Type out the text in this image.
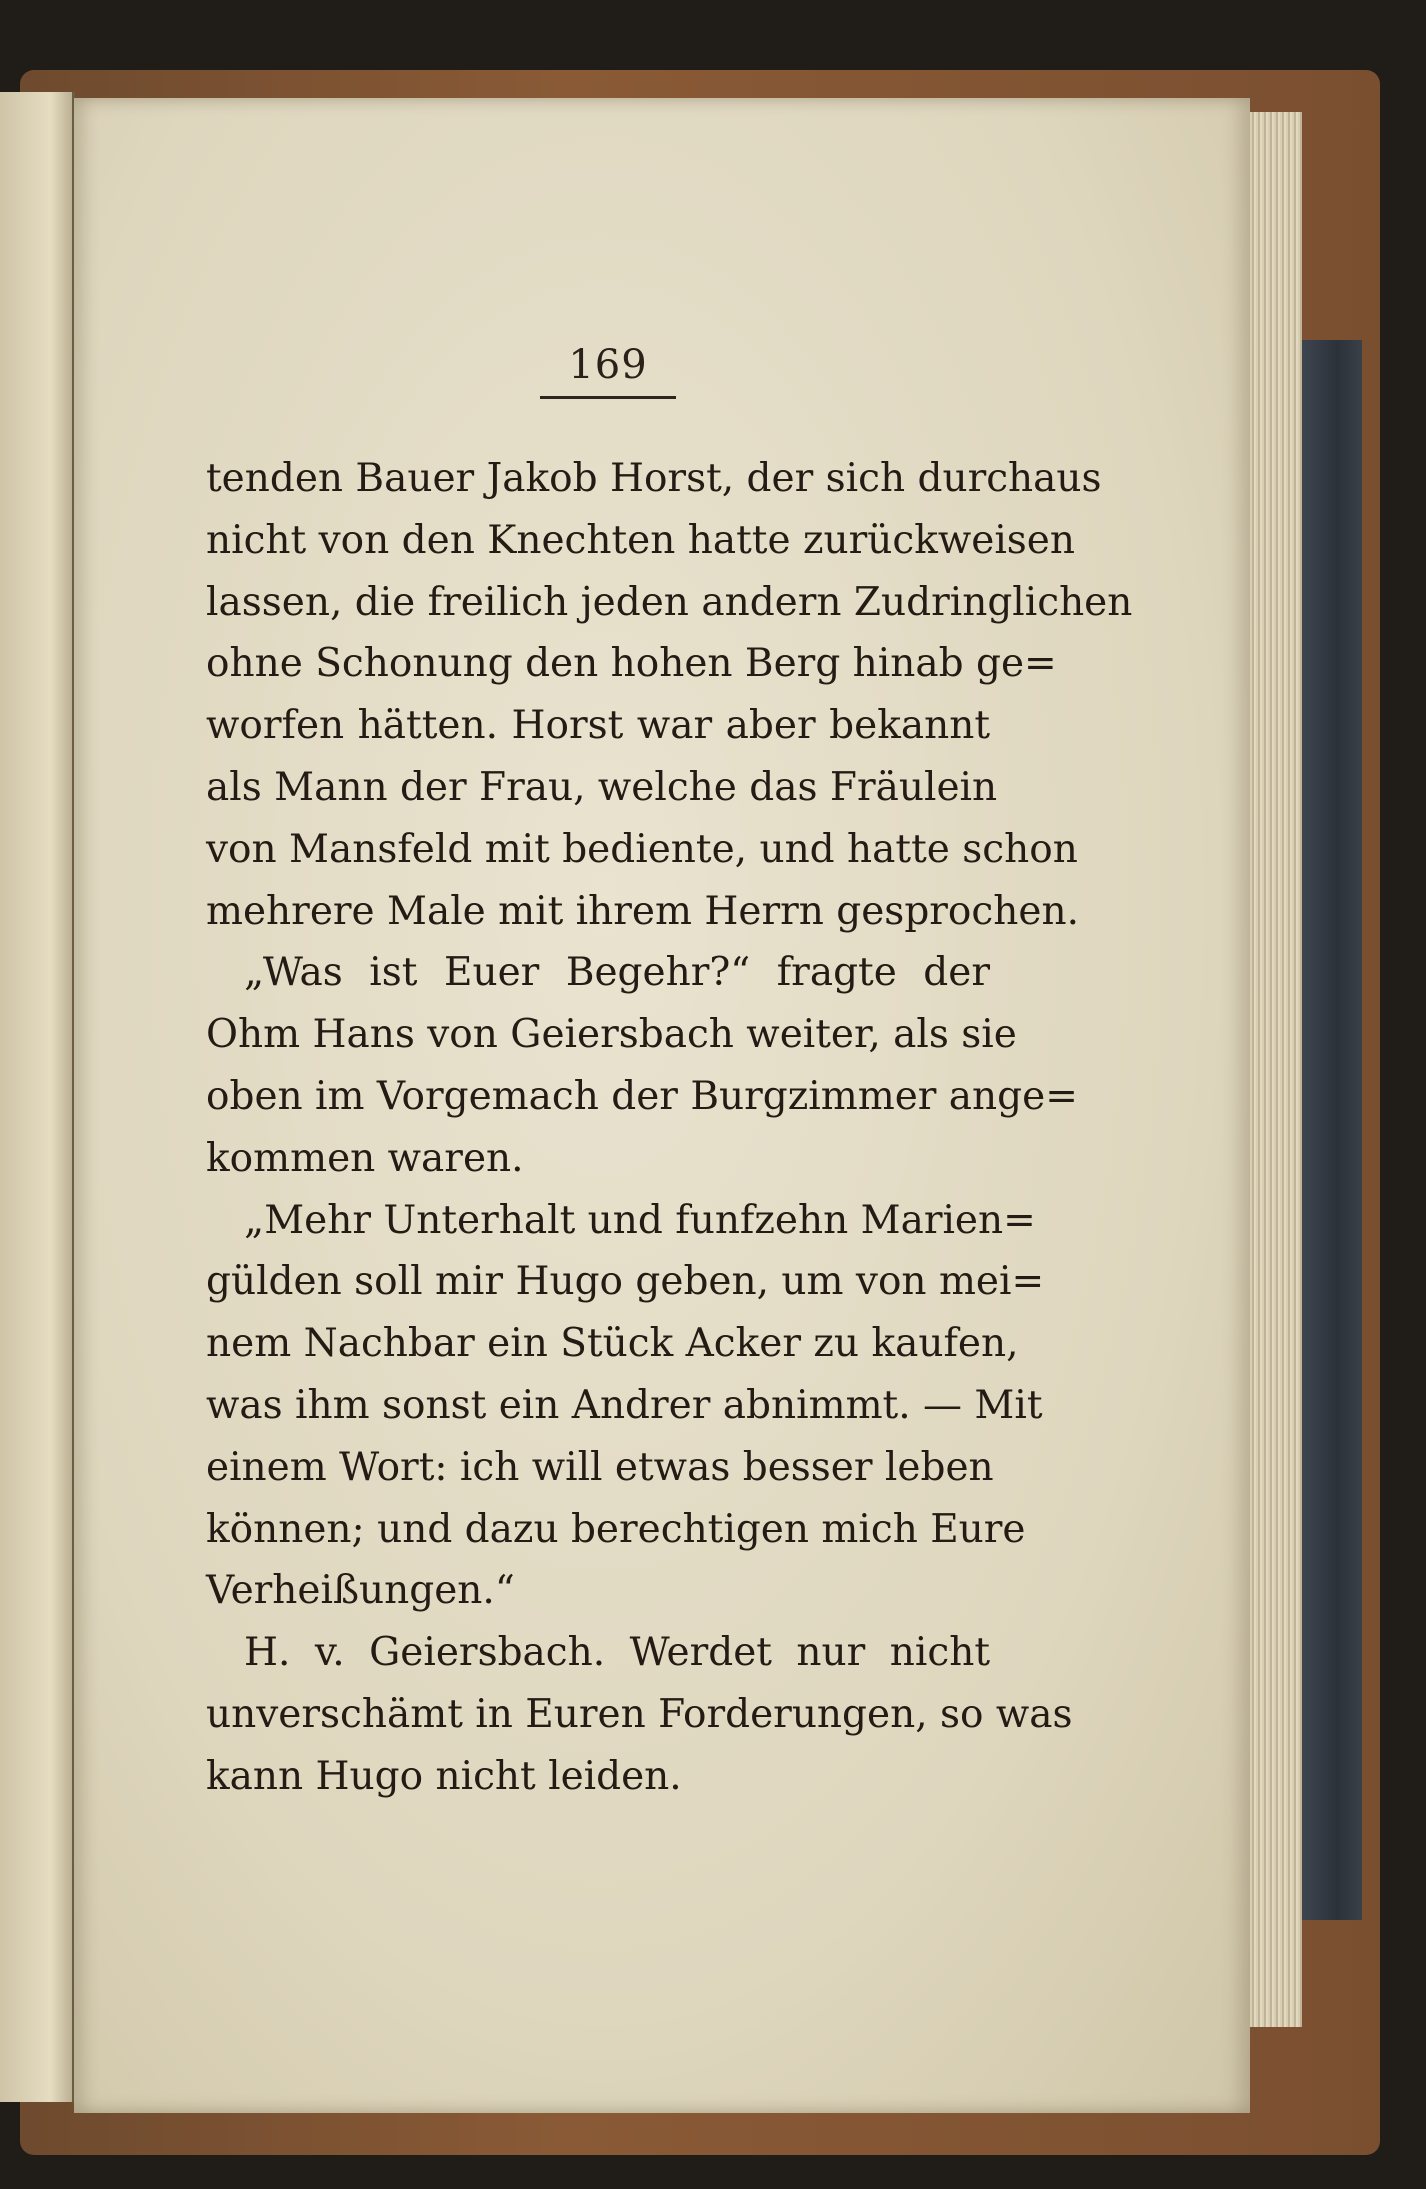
169
tenden Bauer Jakob Horst, der sich durchaus
nicht von den Knechten hatte zurückweisen
lassen, die freilich jeden andern Zudringlichen
ohne Schonung den hohen Berg hinab ge=
worfen hätten. Horst war aber bekannt
als Mann der Frau, welche das Fräulein
von Mansfeld mit bediente, und hatte schon
mehrere Male mit ihrem Herrn gesprochen.
„Was ist Euer Begehr?“ fragte der
Ohm Hans von Geiersbach weiter, als sie
oben im Vorgemach der Burgzimmer ange=
kommen waren.
„Mehr Unterhalt und funfzehn Marien=
gülden soll mir Hugo geben, um von mei=
nem Nachbar ein Stück Acker zu kaufen,
was ihm sonst ein Andrer abnimmt. — Mit
einem Wort: ich will etwas besser leben
können; und dazu berechtigen mich Eure
Verheißungen.“
H. v. Geiersbach. Werdet nur nicht
unverschämt in Euren Forderungen, so was
kann Hugo nicht leiden.
